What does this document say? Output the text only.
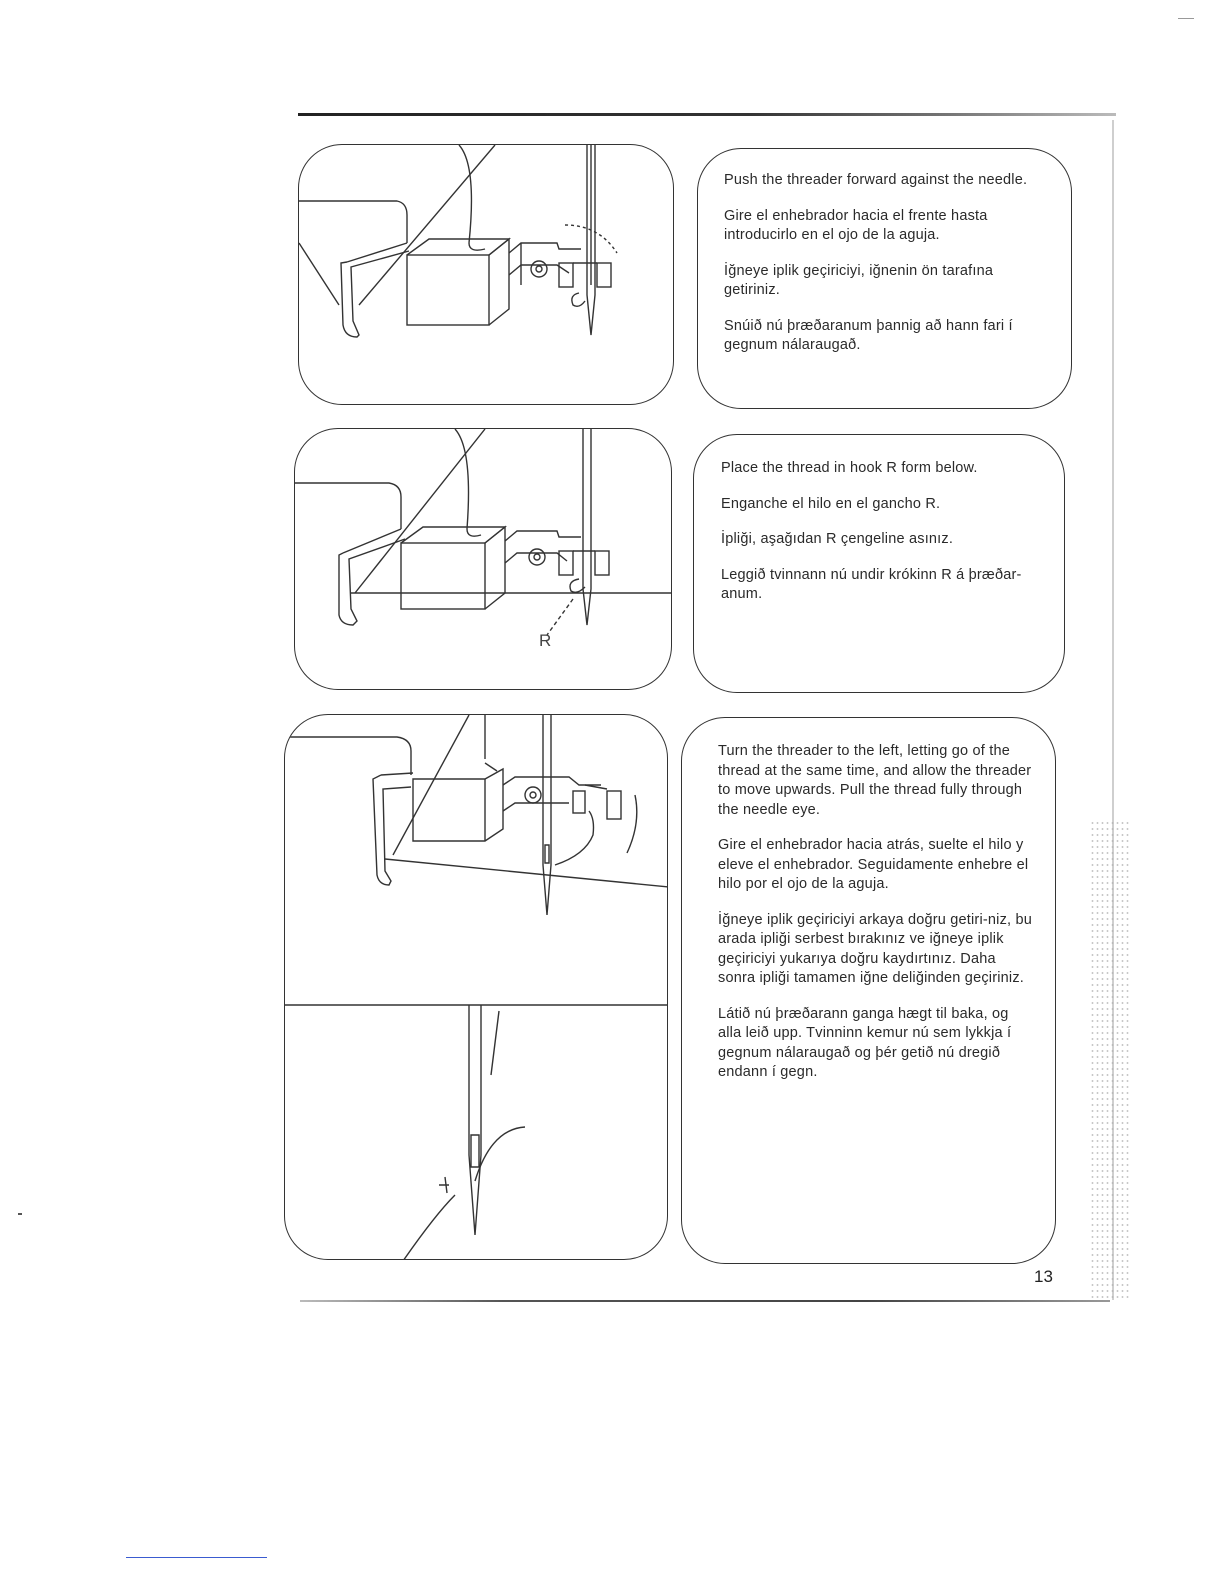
Push the threader forward against the needle.

Gire el enhebrador hacia el frente hasta introducirlo en el ojo de la aguja.

İğneye iplik geçiriciyi, iğnenin ön tarafına getiriniz.

Snúið nú þræðaranum þannig að hann fari í gegnum nálaraugað.

R

Place the thread in hook R form below.

Enganche el hilo en el gancho R.

İpliği, aşağıdan R çengeline asınız.

Leggið tvinnann nú undir krókinn R á þræðar-anum.

Turn the threader to the left, letting go of the thread at the same time, and allow the threader to move upwards. Pull the thread fully through the needle eye.

Gire el enhebrador hacia atrás, suelte el hilo y eleve el enhebrador. Seguidamente enhebre el hilo por el ojo de la aguja.

İğneye iplik geçiriciyi arkaya doğru getiri-niz, bu arada ipliği serbest bırakınız ve iğneye iplik geçiriciyi yukarıya doğru kaydırtınız. Daha sonra ipliği tamamen iğne deliğinden geçiriniz.

Látið nú þræðarann ganga hægt til baka, og alla leið upp. Tvinninn kemur nú sem lykkja í gegnum nálaraugað og þér getið nú dregið endann í gegn.

13
